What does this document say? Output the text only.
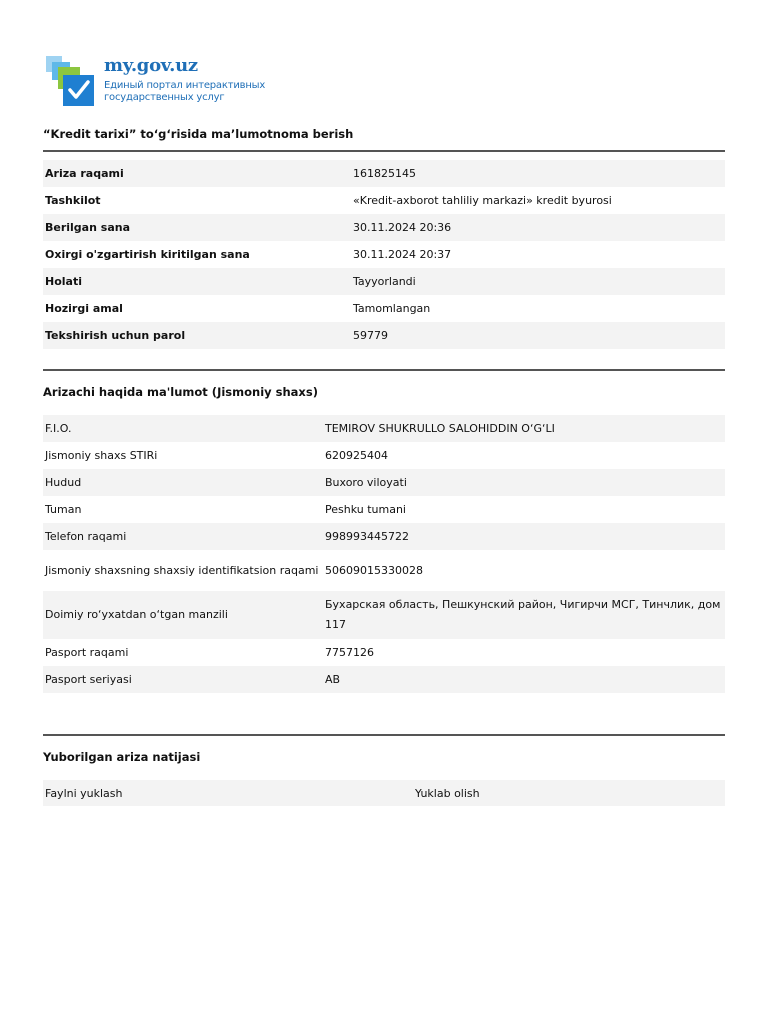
my.gov.uz
Единый портал интерактивных
государственных услуг
“Kredit tarixi” to‘g‘risida ma’lumotnoma berish
Ariza raqami	161825145
Tashkilot	«Kredit-axborot tahliliy markazi» kredit byurosi
Berilgan sana	30.11.2024 20:36
Oxirgi o'zgartirish kiritilgan sana	30.11.2024 20:37
Holati	Tayyorlandi
Hozirgi amal	Tamomlangan
Tekshirish uchun parol	59779
Arizachi haqida ma'lumot (Jismoniy shaxs)
F.I.O.	TEMIROV SHUKRULLO SALOHIDDIN O‘G‘LI
Jismoniy shaxs STIRi	620925404
Hudud	Buxoro viloyati
Tuman	Peshku tumani
Telefon raqami	998993445722
Jismoniy shaxsning shaxsiy identifikatsion raqami	50609015330028
Doimiy ro‘yxatdan o‘tgan manzili	Бухарская область, Пешкунский район, Чигирчи МСГ, Тинчлик, дом 117
Pasport raqami	7757126
Pasport seriyasi	AB
Yuborilgan ariza natijasi
Faylni yuklash	Yuklab olish
